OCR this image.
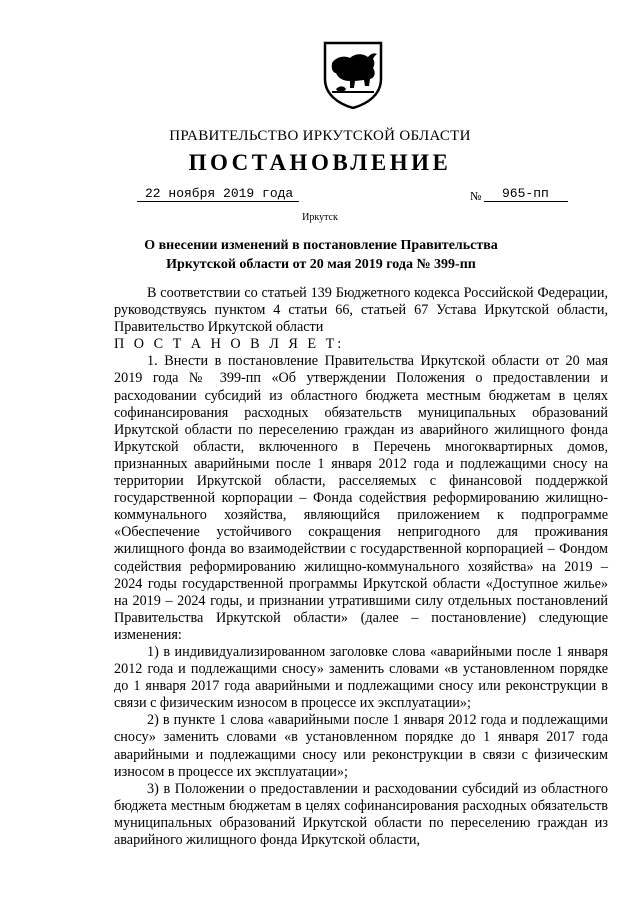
ПРАВИТЕЛЬСТВО ИРКУТСКОЙ ОБЛАСТИ
ПОСТАНОВЛЕНИЕ
22 ноября 2019 года	№	965-пп
Иркутск
О внесении изменений в постановление Правительства Иркутской области от 20 мая 2019 года № 399-пп

В соответствии со статьей 139 Бюджетного кодекса Российской Федерации, руководствуясь пунктом 4 статьи 66, статьей 67 Устава Иркутской области, Правительство Иркутской области

П О С Т А Н О В Л Я Е Т:

1. Внести в постановление Правительства Иркутской области от 20 мая 2019 года № 399-пп «Об утверждении Положения о предоставлении и расходовании субсидий из областного бюджета местным бюджетам в целях софинансирования расходных обязательств муниципальных образований Иркутской области по переселению граждан из аварийного жилищного фонда Иркутской области, включенного в Перечень многоквартирных домов, признанных аварийными после 1 января 2012 года и подлежащими сносу на территории Иркутской области, расселяемых с финансовой поддержкой государственной корпорации – Фонда содействия реформированию жилищно-коммунального хозяйства, являющийся приложением к подпрограмме «Обеспечение устойчивого сокращения непригодного для проживания жилищного фонда во взаимодействии с государственной корпорацией – Фондом содействия реформированию жилищно-коммунального хозяйства» на 2019 – 2024 годы государственной программы Иркутской области «Доступное жилье» на 2019 – 2024 годы, и признании утратившими силу отдельных постановлений Правительства Иркутской области» (далее – постановление) следующие изменения:

1) в индивидуализированном заголовке слова «аварийными после 1 января 2012 года и подлежащими сносу» заменить словами «в установленном порядке до 1 января 2017 года аварийными и подлежащими сносу или реконструкции в связи с физическим износом в процессе их эксплуатации»;

2) в пункте 1 слова «аварийными после 1 января 2012 года и подлежащими сносу» заменить словами «в установленном порядке до 1 января 2017 года аварийными и подлежащими сносу или реконструкции в связи с физическим износом в процессе их эксплуатации»;

3) в Положении о предоставлении и расходовании субсидий из областного бюджета местным бюджетам в целях софинансирования расходных обязательств муниципальных образований Иркутской области по переселению граждан из аварийного жилищного фонда Иркутской области,
